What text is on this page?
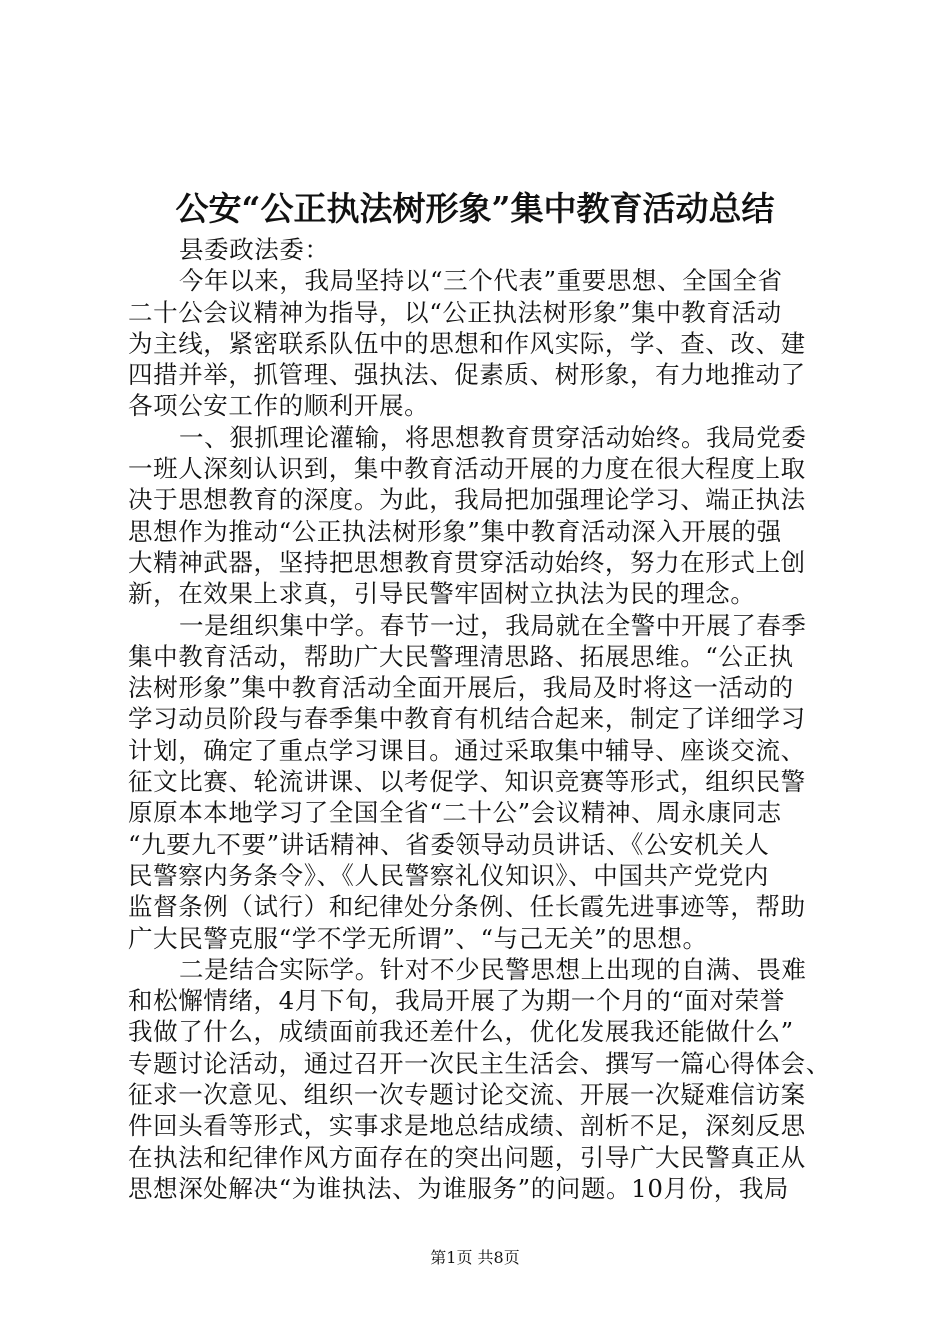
公安“公正执法树形象”集中教育活动总结
县委政法委：
今年以来，我局坚持以“三个代表”重要思想、全国全省
二十公会议精神为指导，以“公正执法树形象”集中教育活动
为主线，紧密联系队伍中的思想和作风实际，学、查、改、建
四措并举，抓管理、强执法、促素质、树形象，有力地推动了
各项公安工作的顺利开展。
一、狠抓理论灌输，将思想教育贯穿活动始终。我局党委
一班人深刻认识到，集中教育活动开展的力度在很大程度上取
决于思想教育的深度。为此，我局把加强理论学习、端正执法
思想作为推动“公正执法树形象”集中教育活动深入开展的强
大精神武器，坚持把思想教育贯穿活动始终，努力在形式上创
新，在效果上求真，引导民警牢固树立执法为民的理念。
一是组织集中学。春节一过，我局就在全警中开展了春季
集中教育活动，帮助广大民警理清思路、拓展思维。“公正执
法树形象”集中教育活动全面开展后，我局及时将这一活动的
学习动员阶段与春季集中教育有机结合起来，制定了详细学习
计划，确定了重点学习课目。通过采取集中辅导、座谈交流、
征文比赛、轮流讲课、以考促学、知识竞赛等形式，组织民警
原原本本地学习了全国全省“二十公”会议精神、周永康同志
“九要九不要”讲话精神、省委领导动员讲话、《公安机关人
民警察内务条令》、《人民警察礼仪知识》、中国共产党党内
监督条例（试行）和纪律处分条例、任长霞先进事迹等，帮助
广大民警克服“学不学无所谓”、“与己无关”的思想。
二是结合实际学。针对不少民警思想上出现的自满、畏难
和松懈情绪，4月下旬，我局开展了为期一个月的“面对荣誉
我做了什么，成绩面前我还差什么，优化发展我还能做什么”
专题讨论活动，通过召开一次民主生活会、撰写一篇心得体会、
征求一次意见、组织一次专题讨论交流、开展一次疑难信访案
件回头看等形式，实事求是地总结成绩、剖析不足，深刻反思
在执法和纪律作风方面存在的突出问题，引导广大民警真正从
思想深处解决“为谁执法、为谁服务”的问题。10月份，我局
第1页 共8页
